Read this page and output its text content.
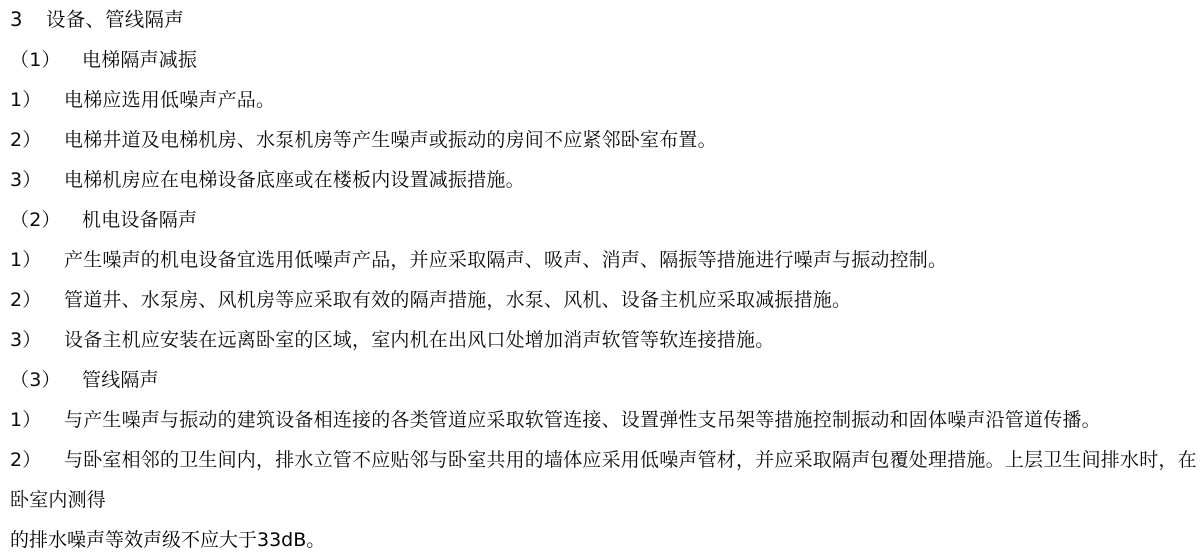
3 设备、管线隔声
（1） 电梯隔声减振
1） 电梯应选用低噪声产品。
2） 电梯井道及电梯机房、水泵机房等产生噪声或振动的房间不应紧邻卧室布置。
3） 电梯机房应在电梯设备底座或在楼板内设置减振措施。
（2） 机电设备隔声
1） 产生噪声的机电设备宜选用低噪声产品，并应采取隔声、吸声、消声、隔振等措施进行噪声与振动控制。
2） 管道井、水泵房、风机房等应采取有效的隔声措施，水泵、风机、设备主机应采取减振措施。
3） 设备主机应安装在远离卧室的区域，室内机在出风口处增加消声软管等软连接措施。
（3） 管线隔声
1） 与产生噪声与振动的建筑设备相连接的各类管道应采取软管连接、设置弹性支吊架等措施控制振动和固体噪声沿管道传播。
2） 与卧室相邻的卫生间内，排水立管不应贴邻与卧室共用的墙体应采用低噪声管材，并应采取隔声包覆处理措施。上层卫生间排水时，在卧室内测得
的排水噪声等效声级不应大于33dB。
